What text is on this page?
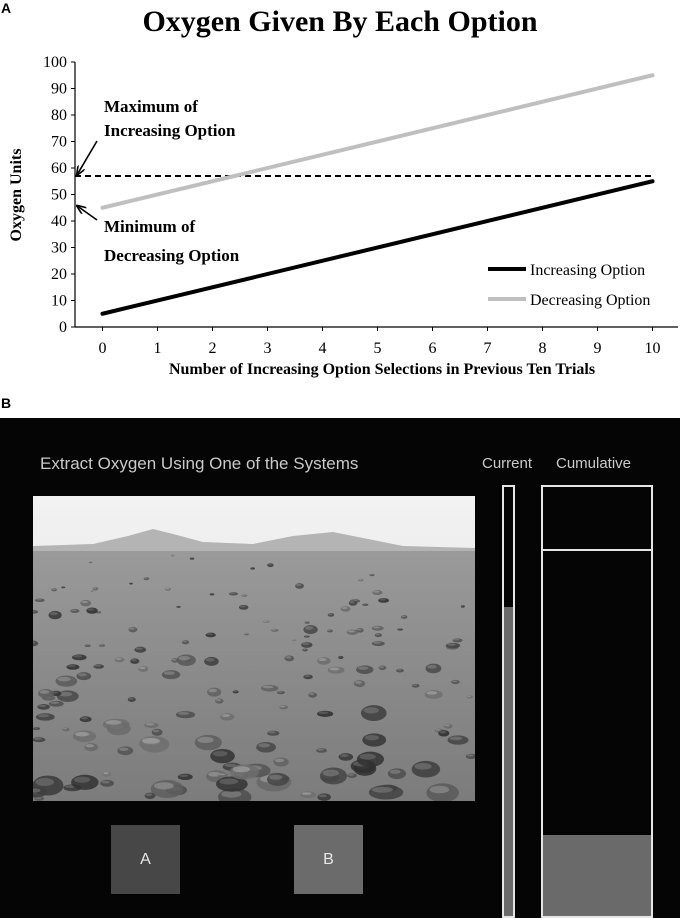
A	Oxygen Given By Each Option
0
10
20
30
40
50
60
70
80
90
100
0	1	2	3	4	5	6	7	8	9	10
Maximum of
Increasing Option
Minimum of
Decreasing Option
Increasing Option
Decreasing Option
Oxygen Units
Number of Increasing Option Selections in Previous Ten Trials
B
Extract Oxygen Using One of the Systems	Current Cumulative
A	B
